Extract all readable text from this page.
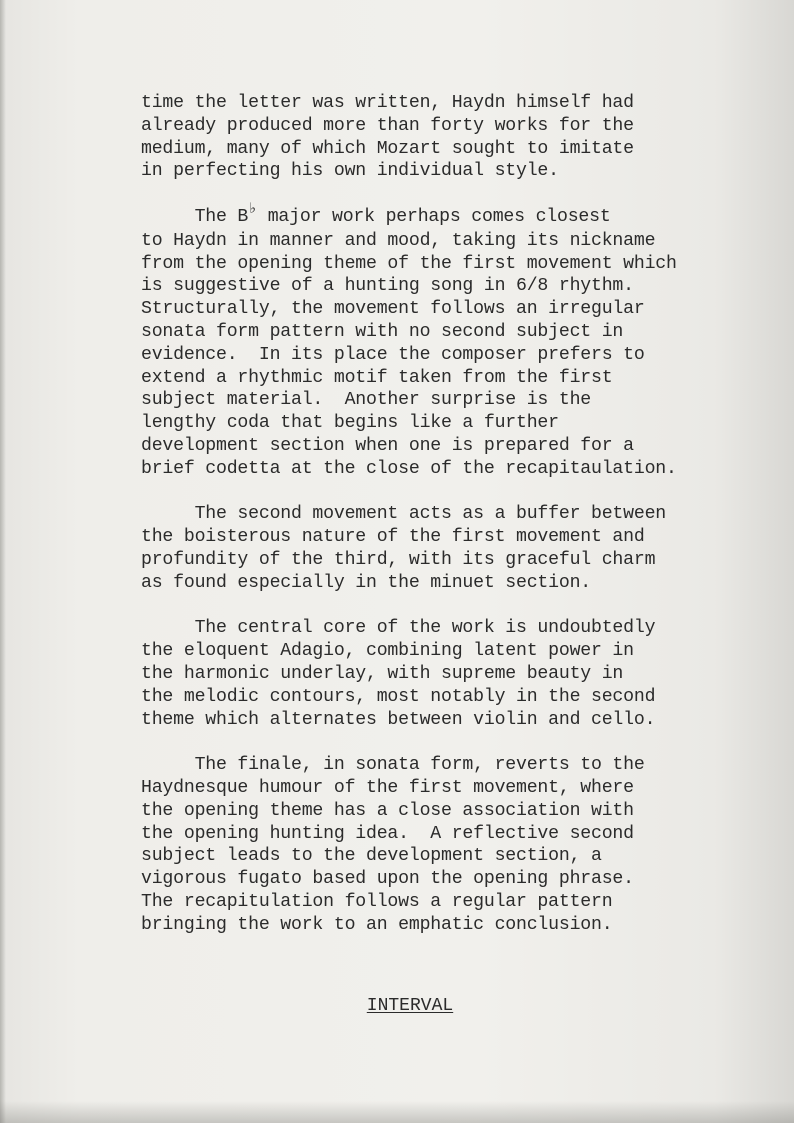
time the letter was written, Haydn himself had
already produced more than forty works for the
medium, many of which Mozart sought to imitate
in perfecting his own individual style.
The B♭ major work perhaps comes closest
to Haydn in manner and mood, taking its nickname
from the opening theme of the first movement which
is suggestive of a hunting song in 6/8 rhythm.
Structurally, the movement follows an irregular
sonata form pattern with no second subject in
evidence.  In its place the composer prefers to
extend a rhythmic motif taken from the first
subject material.  Another surprise is the
lengthy coda that begins like a further
development section when one is prepared for a
brief codetta at the close of the recapitaulation.
The second movement acts as a buffer between
the boisterous nature of the first movement and
profundity of the third, with its graceful charm
as found especially in the minuet section.
The central core of the work is undoubtedly
the eloquent Adagio, combining latent power in
the harmonic underlay, with supreme beauty in
the melodic contours, most notably in the second
theme which alternates between violin and cello.
The finale, in sonata form, reverts to the
Haydnesque humour of the first movement, where
the opening theme has a close association with
the opening hunting idea.  A reflective second
subject leads to the development section, a
vigorous fugato based upon the opening phrase.
The recapitulation follows a regular pattern
bringing the work to an emphatic conclusion.
INTERVAL
